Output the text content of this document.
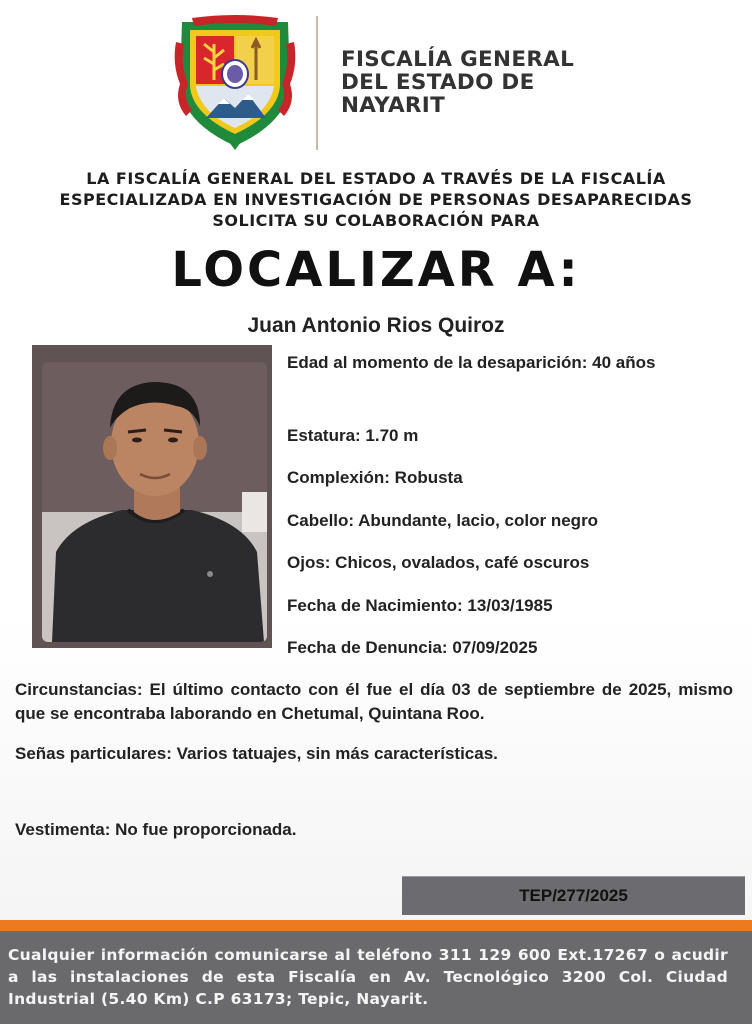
FISCALÍA GENERAL
DEL ESTADO DE
NAYARIT
LA FISCALÍA GENERAL DEL ESTADO A TRAVÉS DE LA FISCALÍA
ESPECIALIZADA EN INVESTIGACIÓN DE PERSONAS DESAPARECIDAS
SOLICITA SU COLABORACIÓN PARA
LOCALIZAR A:
Juan Antonio Rios Quiroz
Edad al momento de la desaparición: 40 años
Estatura: 1.70 m
Complexión: Robusta
Cabello: Abundante, lacio, color negro
Ojos: Chicos, ovalados, café oscuros
Fecha de Nacimiento: 13/03/1985
Fecha de Denuncia: 07/09/2025
Circunstancias: El último contacto con él fue el día 03 de septiembre de 2025, mismo que se encontraba laborando en Chetumal, Quintana Roo.
Señas particulares: Varios tatuajes, sin más características.
Vestimenta: No fue proporcionada.
TEP/277/2025
Cualquier información comunicarse al teléfono 311 129 600 Ext.17267 o acudir a las instalaciones de esta Fiscalía en Av. Tecnológico 3200 Col. Ciudad Industrial (5.40 Km) C.P 63173; Tepic, Nayarit.
